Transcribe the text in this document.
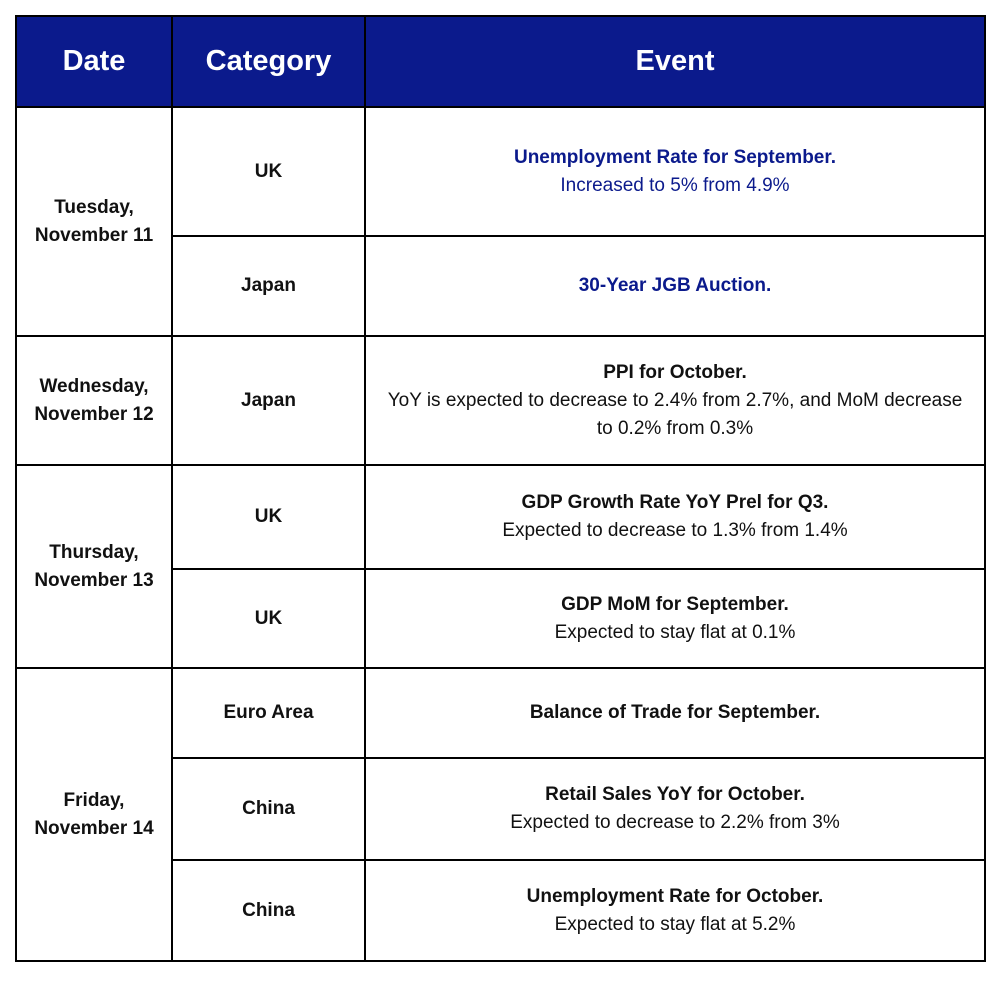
Date	Category	Event
Tuesday, November 11	UK	Unemployment Rate for September.
Increased to 5% from 4.9%

	Japan	30-Year JGB Auction.

Wednesday, November 12	Japan	PPI for October.
YoY is expected to decrease to 2.4% from 2.7%, and MoM decrease to 0.2% from 0.3%

Thursday, November 13	UK	GDP Growth Rate YoY Prel for Q3.
Expected to decrease to 1.3% from 1.4%

	UK	GDP MoM for September.
Expected to stay flat at 0.1%

Friday, November 14	Euro Area	Balance of Trade for September.

	China	Retail Sales YoY for October.
Expected to decrease to 2.2% from 3%

	China	Unemployment Rate for October.
Expected to stay flat at 5.2%
